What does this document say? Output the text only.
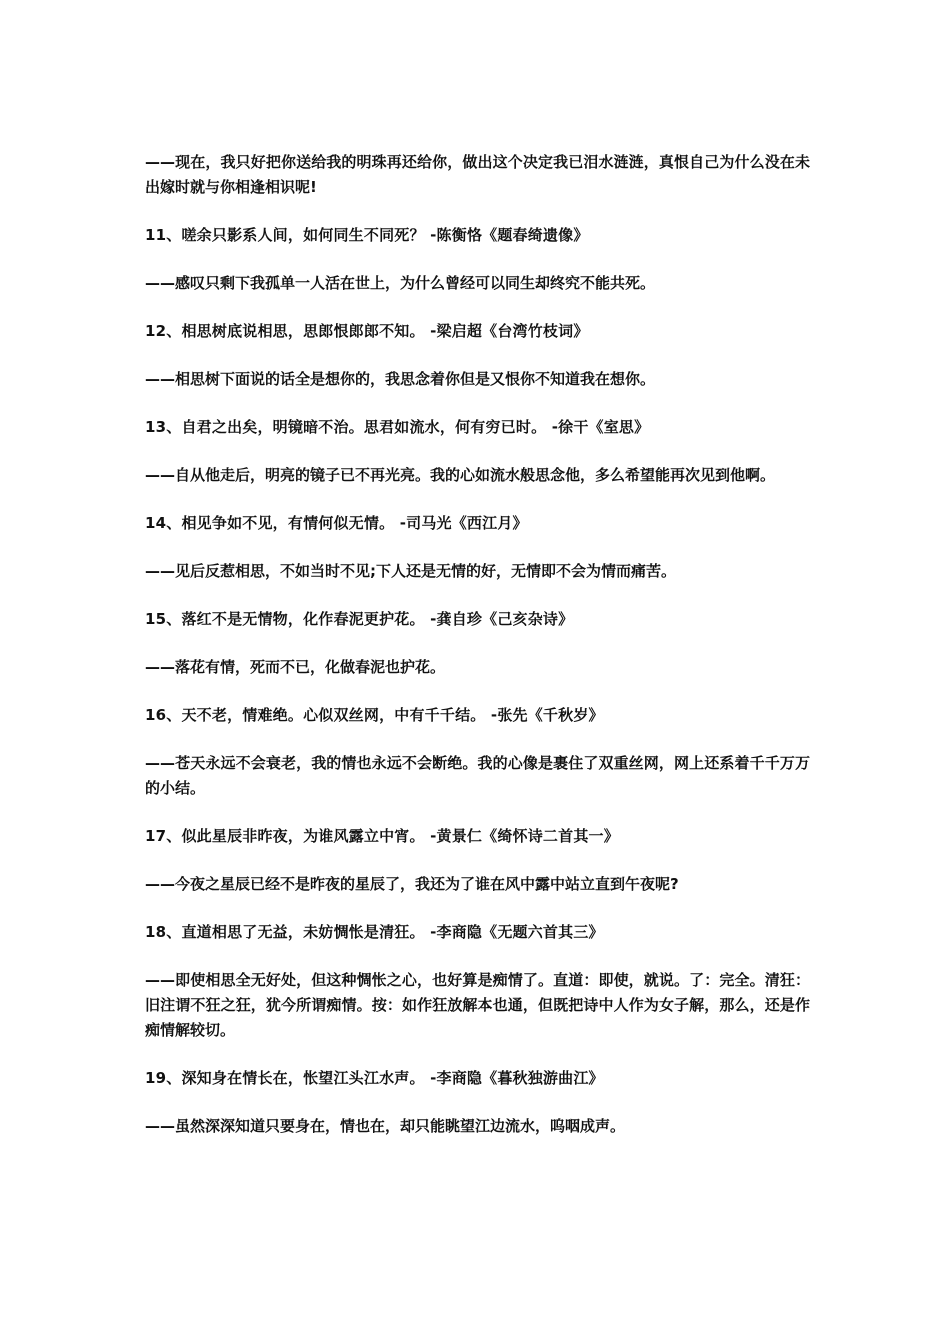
——现在，我只好把你送给我的明珠再还给你，做出这个决定我已泪水涟涟，真恨自己为什么没在未出嫁时就与你相逢相识呢!

11、嗟余只影系人间，如何同生不同死？ -陈衡恪《题春绮遗像》

——感叹只剩下我孤单一人活在世上，为什么曾经可以同生却终究不能共死。

12、相思树底说相思，思郎恨郎郎不知。 -梁启超《台湾竹枝词》

——相思树下面说的话全是想你的，我思念着你但是又恨你不知道我在想你。

13、自君之出矣，明镜暗不治。思君如流水，何有穷已时。 -徐干《室思》

——自从他走后，明亮的镜子已不再光亮。我的心如流水般思念他，多么希望能再次见到他啊。

14、相见争如不见，有情何似无情。 -司马光《西江月》

——见后反惹相思，不如当时不见;下人还是无情的好，无情即不会为情而痛苦。

15、落红不是无情物，化作春泥更护花。 -龚自珍《己亥杂诗》

——落花有情，死而不已，化做春泥也护花。

16、天不老，情难绝。心似双丝网，中有千千结。 -张先《千秋岁》

——苍天永远不会衰老，我的情也永远不会断绝。我的心像是裹住了双重丝网，网上还系着千千万万的小结。

17、似此星辰非昨夜，为谁风露立中宵。 -黄景仁《绮怀诗二首其一》

——今夜之星辰已经不是昨夜的星辰了，我还为了谁在风中露中站立直到午夜呢?

18、直道相思了无益，未妨惆怅是清狂。 -李商隐《无题六首其三》

——即使相思全无好处，但这种惆怅之心，也好算是痴情了。直道：即使，就说。了：完全。清狂：旧注谓不狂之狂，犹今所谓痴情。按：如作狂放解本也通，但既把诗中人作为女子解，那么，还是作痴情解较切。

19、深知身在情长在，怅望江头江水声。 -李商隐《暮秋独游曲江》

——虽然深深知道只要身在，情也在，却只能眺望江边流水，呜咽成声。
